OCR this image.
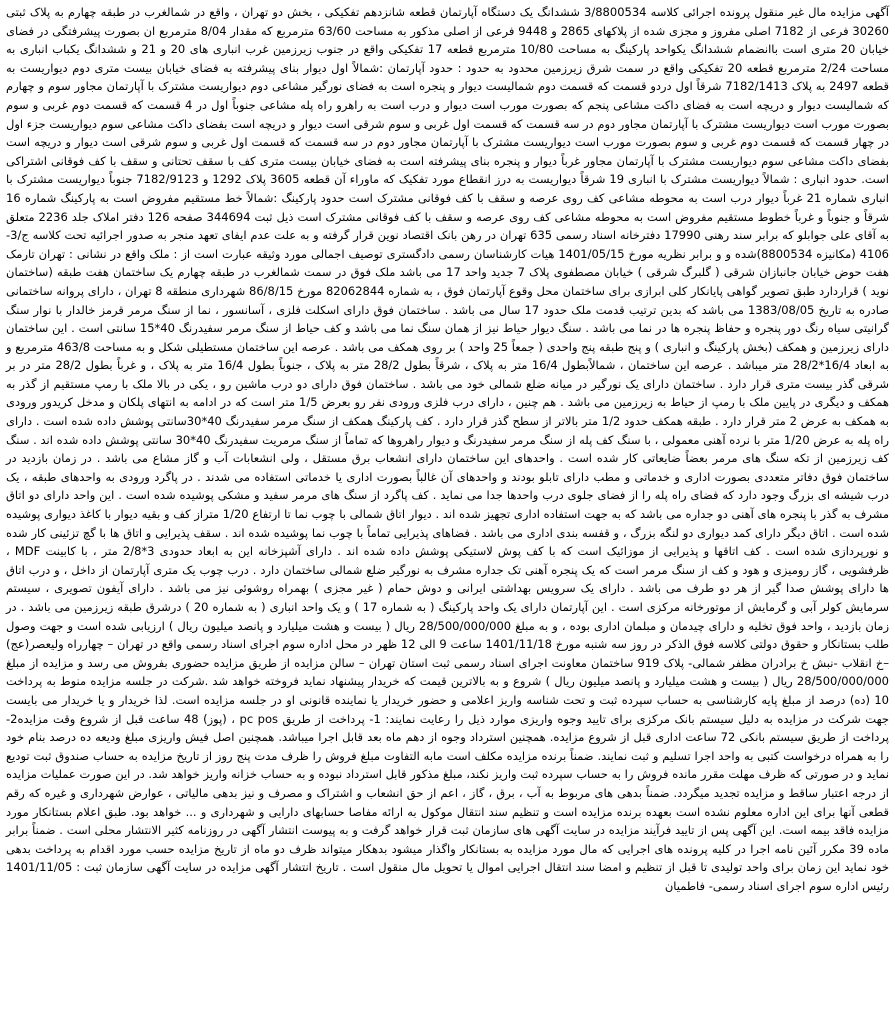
آگهی مزایده مال غیر منقول پرونده اجرائی کلاسه 3/8800534 ششدانگ یک دستگاه آپارتمان قطعه شانزدهم تفکیکی ، بخش دو تهران ، واقع در شمالغرب در طبقه چهارم به پلاک ثبتی 30260 فرعی از 7182 اصلی مفروز و مجزی شده از پلاکهای 2865 و 9448 فرعی از اصلی مذکور به مساحت 63/60 مترمربع که مقدار 8/04 مترمربع ان بصورت پیشرفتگی در فضای خیابان 20 متری است باانضمام ششدانگ یکواحد پارکینگ به مساحت 10/80 مترمربع قطعه 17 تفکیکی واقع در جنوب زیرزمین غرب انباری های 20 و 21 و ششدانگ یکباب انباری به مساحت 2/24 مترمربع قطعه 20 تفکیکی واقع در سمت شرق زیرزمین محدود به حدود : حدود آپارتمان :شمالاً اول دیوار بنای پیشرفته به فضای خیابان بیست متری دوم دیواریست به قطعه 2497 به پلاک 7182/1413 شرقاً اول دردو قسمت که قسمت دوم شمالیست دیوار و پنجره است به فضای نورگیر مشاعی دوم دیواریست مشترک با آپارتمان مجاور سوم و چهارم که شمالیست دیوار و دریچه است به فضای داکت مشاعی پنجم که بصورت مورب است دیوار و درب است به راهرو راه پله مشاعی جنوباً اول در 4 قسمت که قسمت دوم غربی و سوم بصورت مورب است دیواریست مشترک با آپارتمان مجاور دوم در سه قسمت که قسمت اول غربی و سوم شرقی است دیوار و دریچه است بفضای داکت مشاعی سوم دیواریست جزء اول در چهار قسمت که قسمت دوم غربی و سوم بصورت مورب است دیواریست مشترک با آپارتمان مجاور دوم در سه قسمت که قسمت اول غربی و سوم شرقی است دیوار و دریچه است بفضای داکت مشاعی سوم دیواریست مشترک با آپارتمان مجاور غرباً دیوار و پنجره بنای پیشرفته است به فضای خیابان بیست متری کف با سقف تحتانی و سقف با کف فوقانی اشتراکی است. حدود انباری : شمالاً دیواریست مشترک با انباری 19 شرقاً دیواریست به درز انقطاع مورد تفکیک که ماوراء آن قطعه 3605 پلاک 1292 و 7182/9123 جنوباً دیواریست مشترک با انباری شماره 21 غرباً دیوار درب است به محوطه مشاعی کف روی عرصه و سقف با کف فوقانی مشترک است حدود پارکینگ :شمالاً خط مستقیم مفروض است به پارکینگ شماره 16 شرقاً و جنوباً و غرباً خطوط مستقیم مفروض است به محوطه مشاعی کف روی عرصه و سقف با کف فوقانی مشترک است ذیل ثبت 344694 صفحه 126 دفتر املاک جلد 2236 متعلق به آقای علی جوابلو که برابر سند رهنی 17990 دفترخانه اسناد رسمی 635 تهران در رهن بانک اقتصاد نوین قرار گرفته و به علت عدم ایفای تعهد منجر به صدور اجرائیه تحت کلاسه ج/3-4106 (مکانیزه 8800534)شده و و برابر نظریه مورخ 1401/05/15 هیات کارشناسان رسمی دادگستری توصیف اجمالی مورد وثیقه عبارت است از : ملک واقع در نشانی : تهران تارمک هفت حوض خیابان جانبازان شرقی ( گلبرگ شرقی ) خیابان مصطفوی پلاک 7 جدید واحد 17 می باشد ملک فوق در سمت شمالغرب در طبقه چهارم یک ساختمان هفت طبقه (ساختمان نوید ) قراردارد طبق تصویر گواهی پایانکار کلی ابرازی برای ساختمان محل وقوع آپارتمان فوق ، به شماره 82062844 مورخ 86/8/15 شهرداری منطقه 8 تهران ، دارای پروانه ساختمانی صادره به تاریخ 1383/08/05 می باشد که بدین ترتیب قدمت ملک حدود 17 سال می باشد . ساختمان فوق دارای اسکلت فلزی ، آسانسور ، نما از سنگ مرمر قرمز خالدار با نوار سنگ گرانیتی سیاه رنگ دور پنجره و حفاظ پنجره ها در نما می باشد . سنگ دیوار حیاط نیز از همان سنگ نما می باشد و کف حیاط از سنگ مرمر سفیدرنگ 40*15 سانتی است . این ساختمان دارای زیرزمین و همکف (بخش پارکینگ و انباری ) و پنج طبقه پنج واحدی ( جمعاً 25 واحد ) بر روی همکف می باشد . عرصه این ساختمان مستطیلی شکل و به مساحت 463/8 مترمربع و به ابعاد 16/4*28/2 متر میباشد . عرصه این ساختمان ، شمالاًبطول 16/4 متر به پلاک ، شرقاً بطول 28/2 متر به پلاک ، جنوباً بطول 16/4 متر به پلاک ، و غرباً بطول 28/2 متر در بر شرقی گذر بیست متری قرار دارد . ساختمان دارای یک نورگیر در میانه ضلع شمالی خود می باشد . ساختمان فوق دارای دو درب ماشین رو ، یکی در بالا ملک با رمپ مستقیم از گذر به همکف و دیگری در پایین ملک با رمپ از حیاط به زیرزمین می باشد . هم چنین ، دارای درب فلزی ورودی نفر رو بعرض 1/5 متر است که در ادامه به انتهای پلکان و مدخل کریدور ورودی به همکف به عرض 2 متر قرار دارد . طبقه همکف حدود 1/2 متر بالاتر از سطح گذر قرار دارد . کف پارکینگ همکف از سنگ مرمر سفیدرنگ 40*30سانتی پوشش داده شده است . دارای راه پله به عرض 1/20 متر با نرده آهنی معمولی ، با سنگ کف پله از سنگ مرمر سفیدرنگ و دیوار راهروها که تماماً از سنگ مرمریت سفیدرنگ 40*30 سانتی پوشش داده شده اند . سنگ کف زیرزمین از تکه سنگ های مرمر بعضاً ضایعاتی کار شده است . واحدهای این ساختمان دارای انشعاب برق مستقل ، ولی انشعابات آب و گاز مشاع می باشد . در زمان بازدید در ساختمان فوق دفاتر متعددی بصورت اداری و خدماتی و مطب دارای تابلو بودند و واحدهای آن غالباً بصورت اداری یا خدماتی استفاده می شدند . در پاگرد ورودی به واحدهای طبقه ، یک درب شیشه ای بزرگ وجود دارد که فضای راه پله را از فضای جلوی درب واحدها جدا می نماید . کف پاگرد از سنگ های مرمر سفید و مشکی پوشیده شده است . این واحد دارای دو اتاق مشرف به گذر با پنجره های آهنی دو جداره می باشد که به جهت استفاده اداری تجهیز شده اند . دیوار اتاق شمالی با چوب نما تا ارتفاع 1/20 متراز کف و بقیه دیوار با کاغذ دیواری پوشیده شده است . اتاق دیگر دارای کمد دیواری دو لنگه بزرگ ، و قفسه بندی اداری می باشد . فضاهای پذیرایی تماماً با چوب نما پوشیده شده اند . سقف پذیرایی و اتاق ها با گچ تزئینی کار شده و نورپردازی شده است . کف اتاقها و پذیرایی از موزائیک است که با کف پوش لاستیکی پوشش داده شده اند . دارای آشپزخانه این به ابعاد حدودی 3*2/8 متر ، با کابینت MDF ، ظرفشویی ، گاز رومیزی و هود و کف از سنگ مرمر است که یک پنجره آهنی تک جداره مشرف به نورگیر ضلع شمالی ساختمان دارد . درب چوب یک متری آپارتمان از داخل ، و درب اتاق ها دارای پوشش صدا گیر از هر دو طرف می باشد . دارای یک سرویس بهداشتی ایرانی و دوش حمام ( غیر مجزی ) بهمراه روشوئی نیز می باشد . دارای آیفون تصویری ، سیستم سرمایش کولر آبی و گرمایش از موتورخانه مرکزی است . این آپارتمان دارای یک واحد پارکینگ ( به شماره 17 ) و یک واحد انباری ( به شماره 20 ) درشرق طبقه زیرزمین می باشد . در زمان بازدید ، واحد فوق تخلیه و دارای چیدمان و مبلمان اداری بوده ، و به مبلغ 28/500/000/000 ریال ( بیست و هشت میلیارد و پانصد میلیون ریال ) ارزیابی شده است و جهت وصول طلب بستانکار و حقوق دولتی کلاسه فوق الذکر در روز سه شنبه مورخ 1401/11/18 ساعت 9 الی 12 ظهر در محل اداره سوم اجرای اسناد رسمی واقع در تهران – چهارراه ولیعصر(عج) –خ انقلاب -نبش خ برادران مظفر شمالی- پلاک 919 ساختمان معاونت اجرای اسناد رسمی ثبت استان تهران – سالن مزایده از طریق مزایده حضوری بفروش می رسد و مزایده از مبلغ 28/500/000/000 ریال ( بیست و هشت میلیارد و پانصد میلیون ریال ) شروع و به بالاترین قیمت که خریدار پیشنهاد نماید فروخته خواهد شد .شرکت در جلسه مزایده منوط به پرداخت 10 (ده) درصد از مبلغ پایه کارشناسی به حساب سپرده ثبت و تحت شناسه واریز اعلامی و حضور خریدار یا نماینده قانونی او در جلسه مزایده است. لذا خریدار و یا خریدار می بایست جهت شرکت در مزایده به دلیل سیستم بانک مرکزی برای تایید وجوه واریزی موارد ذیل را رعایت نمایند: 1- پرداخت از طریق pc pos ، (پوز) 48 ساعت قبل از شروع وقت مزایده2- پرداخت از طریق سیستم بانکی 72 ساعت اداری قبل از شروع مزایده. همچنین استرداد وجوه از دهم ماه بعد قابل اجرا میباشد. همچنین اصل فیش واریزی مبلغ ودیعه ده درصد بنام خود را به همراه درخواست کتبی به واحد اجرا تسلیم و ثبت نمایند. ضمناً برنده مزایده مکلف است مابه التفاوت مبلغ فروش را ظرف مدت پنج روز از تاریخ مزایده به حساب صندوق ثبت تودیع نماید و در صورتی که ظرف مهلت مقرر مانده فروش را به حساب سپرده ثبت واریز نکند، مبلغ مذکور قابل استرداد نبوده و به حساب خزانه واریز خواهد شد. در این صورت عملیات مزایده از درجه اعتبار ساقط و مزایده تجدید میگردد. ضمناً بدهی های مربوط به آب ، برق ، گاز ، اعم از حق انشعاب و اشتراک و مصرف و نیز بدهی مالیاتی ، عوارض شهرداری و غیره که رقم قطعی آنها برای این اداره معلوم نشده است بعهده برنده مزایده است و تنظیم سند انتقال موکول به ارائه مفاصا حسابهای دارایی و شهرداری و ... خواهد بود. طبق اعلام بستانکار مورد مزایده فاقد بیمه است. این آگهی پس از تایید فرآیند مزایده در سایت آگهی های سازمان ثبت قرار خواهد گرفت و به پیوست انتشار آگهی در روزنامه کثیر الانتشار محلی است . ضمناً برابر ماده 39 مکرر آئین نامه اجرا در کلیه پرونده های اجرایی که مال مورد مزایده به بستانکار واگذار میشود بدهکار میتواند ظرف دو ماه از تاریخ مزایده حسب مورد اقدام به پرداخت بدهی خود نماید این زمان برای واحد تولیدی تا قبل از تنظیم و امضا سند انتقال اجرایی اموال یا تحویل مال منقول است . تاریخ انتشار آگهی مزایده در سایت آگهی سازمان ثبت : 1401/11/05 رئیس اداره سوم اجرای اسناد رسمی- فاطمیان
